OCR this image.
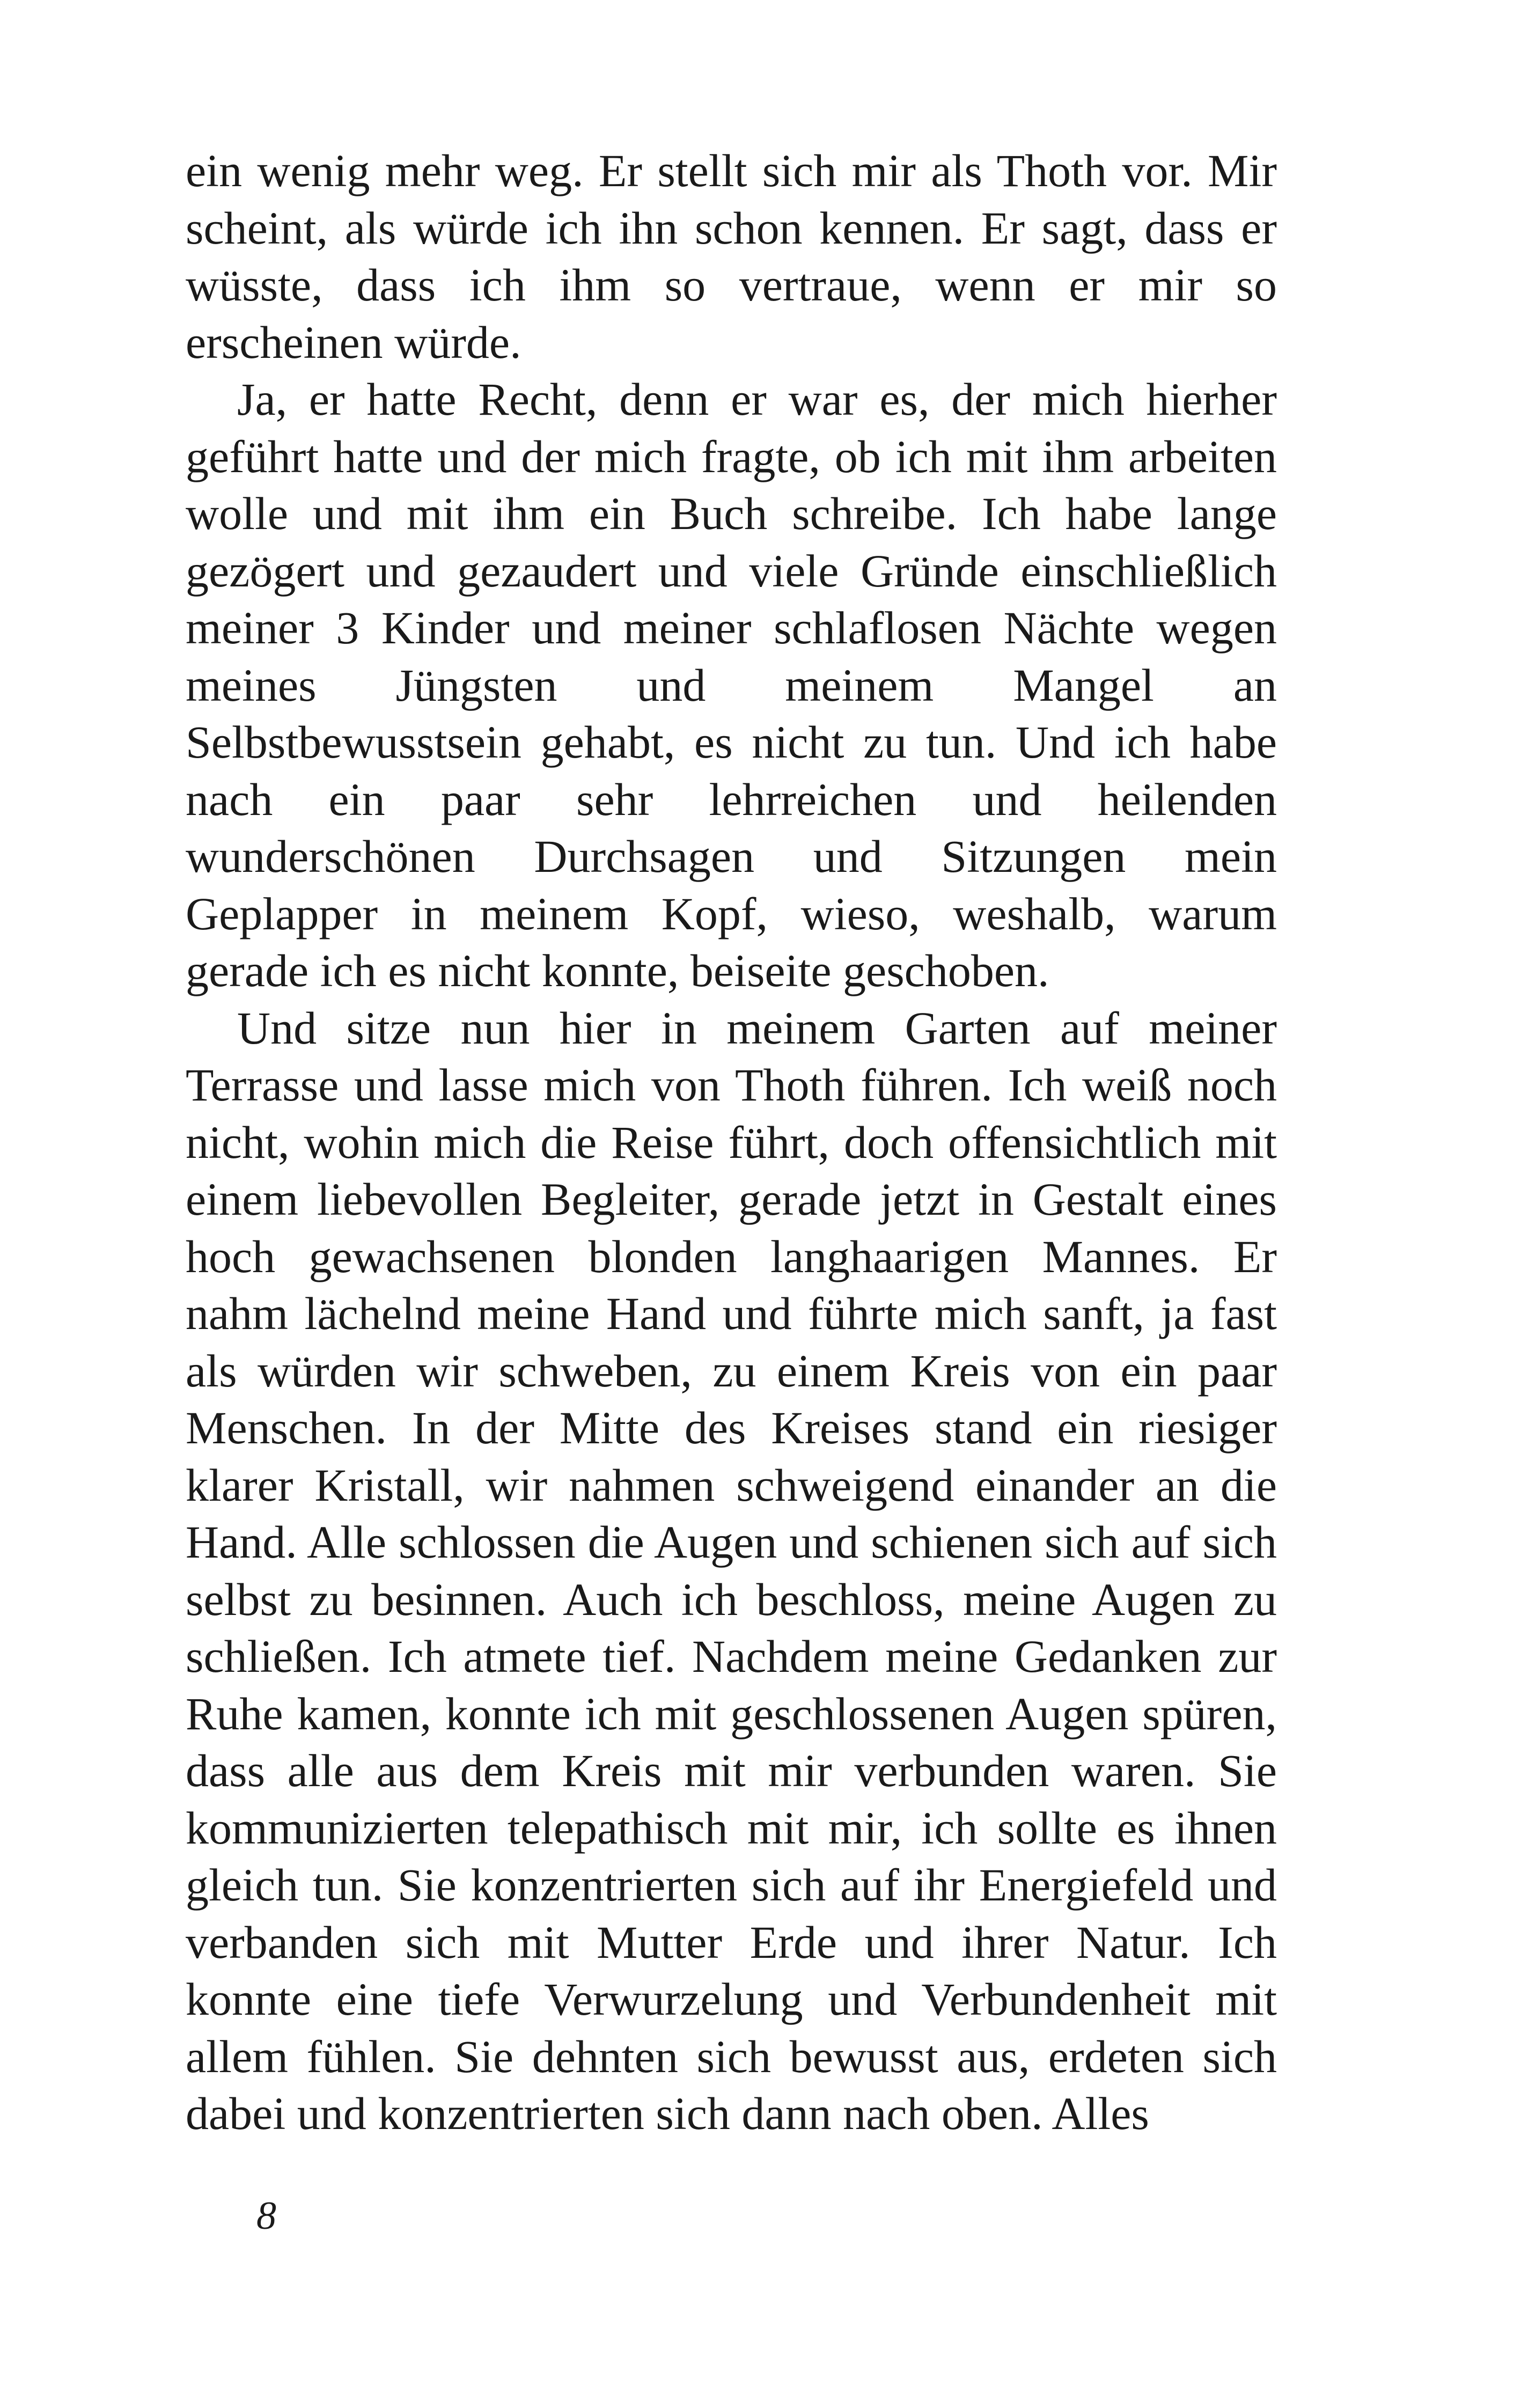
ein wenig mehr weg. Er stellt sich mir als Thoth vor. Mir scheint, als würde ich ihn schon kennen. Er sagt, dass er wüsste, dass ich ihm so vertraue, wenn er mir so erscheinen würde.

Ja, er hatte Recht, denn er war es, der mich hierher geführt hatte und der mich fragte, ob ich mit ihm arbeiten wolle und mit ihm ein Buch schreibe. Ich habe lange gezögert und gezaudert und viele Gründe einschließlich meiner 3 Kinder und meiner schlaflosen Nächte wegen meines Jüngsten und meinem Mangel an Selbstbewusstsein gehabt, es nicht zu tun. Und ich habe nach ein paar sehr lehrreichen und heilenden wunderschönen Durchsagen und Sitzungen mein Geplapper in meinem Kopf, wieso, weshalb, warum gerade ich es nicht konnte, beiseite geschoben.

Und sitze nun hier in meinem Garten auf meiner Terrasse und lasse mich von Thoth führen. Ich weiß noch nicht, wohin mich die Reise führt, doch offensichtlich mit einem liebevollen Begleiter, gerade jetzt in Gestalt eines hoch gewachsenen blonden langhaarigen Mannes. Er nahm lächelnd meine Hand und führte mich sanft, ja fast als würden wir schweben, zu einem Kreis von ein paar Menschen. In der Mitte des Kreises stand ein riesiger klarer Kristall, wir nahmen schweigend einander an die Hand. Alle schlossen die Augen und schienen sich auf sich selbst zu besinnen. Auch ich beschloss, meine Augen zu schließen. Ich atmete tief. Nachdem meine Gedanken zur Ruhe kamen, konnte ich mit geschlossenen Augen spüren, dass alle aus dem Kreis mit mir verbunden waren. Sie kommunizierten telepathisch mit mir, ich sollte es ihnen gleich tun. Sie konzentrierten sich auf ihr Energiefeld und verbanden sich mit Mutter Erde und ihrer Natur. Ich konnte eine tiefe Verwurzelung und Verbundenheit mit allem fühlen. Sie dehnten sich bewusst aus, erdeten sich dabei und konzentrierten sich dann nach oben. Alles

8
